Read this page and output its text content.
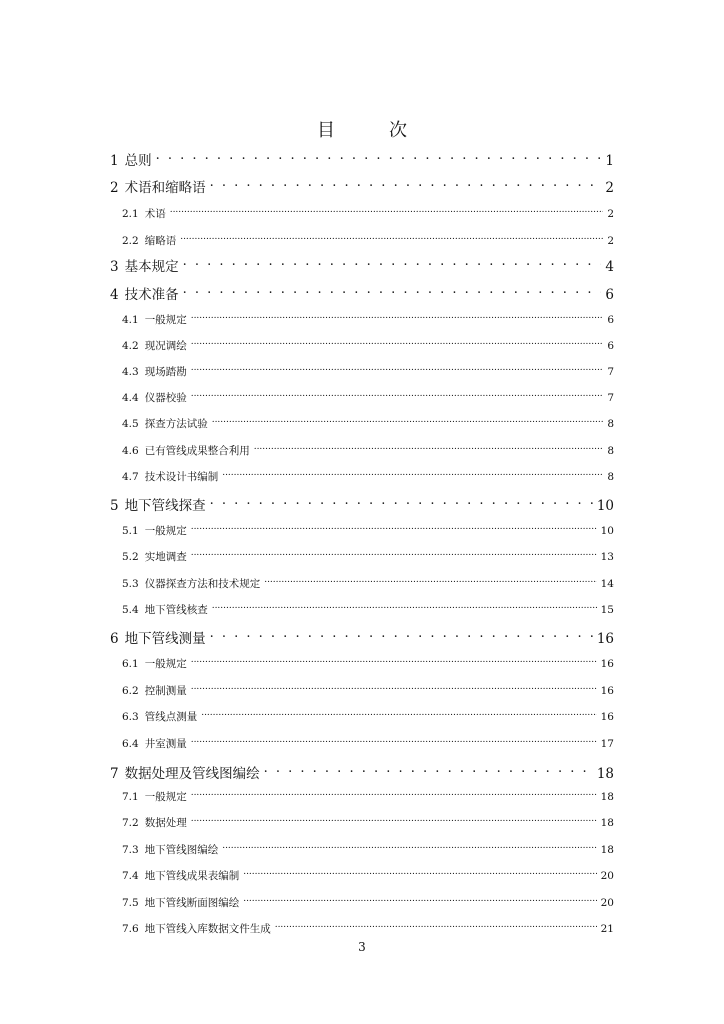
目　次
1 总则 . . .	1
2 术语和缩略语 . . .	2
2.1 术语 .....	2
2.2 缩略语 .....	2
3 基本规定 . . .	4
4 技术准备 . . .	6
4.1 一般规定 .....	6
4.2 现况调绘 .....	6
4.3 现场踏勘 .....	7
4.4 仪器校验 .....	7
4.5 探查方法试验 .....	8
4.6 已有管线成果整合利用 .....	8
4.7 技术设计书编制 .....	8
5 地下管线探查 . . .	10
5.1 一般规定 .....	10
5.2 实地调查 .....	13
5.3 仪器探查方法和技术规定 .....	14
5.4 地下管线核查 .....	15
6 地下管线测量 . . .	16
6.1 一般规定 .....	16
6.2 控制测量 .....	16
6.3 管线点测量 .....	16
6.4 井室测量 .....	17
7 数据处理及管线图编绘 . . .	18
7.1 一般规定 .....	18
7.2 数据处理 .....	18
7.3 地下管线图编绘 .....	18
7.4 地下管线成果表编制 .....	20
7.5 地下管线断面图编绘 .....	20
7.6 地下管线入库数据文件生成 .....	21
3
